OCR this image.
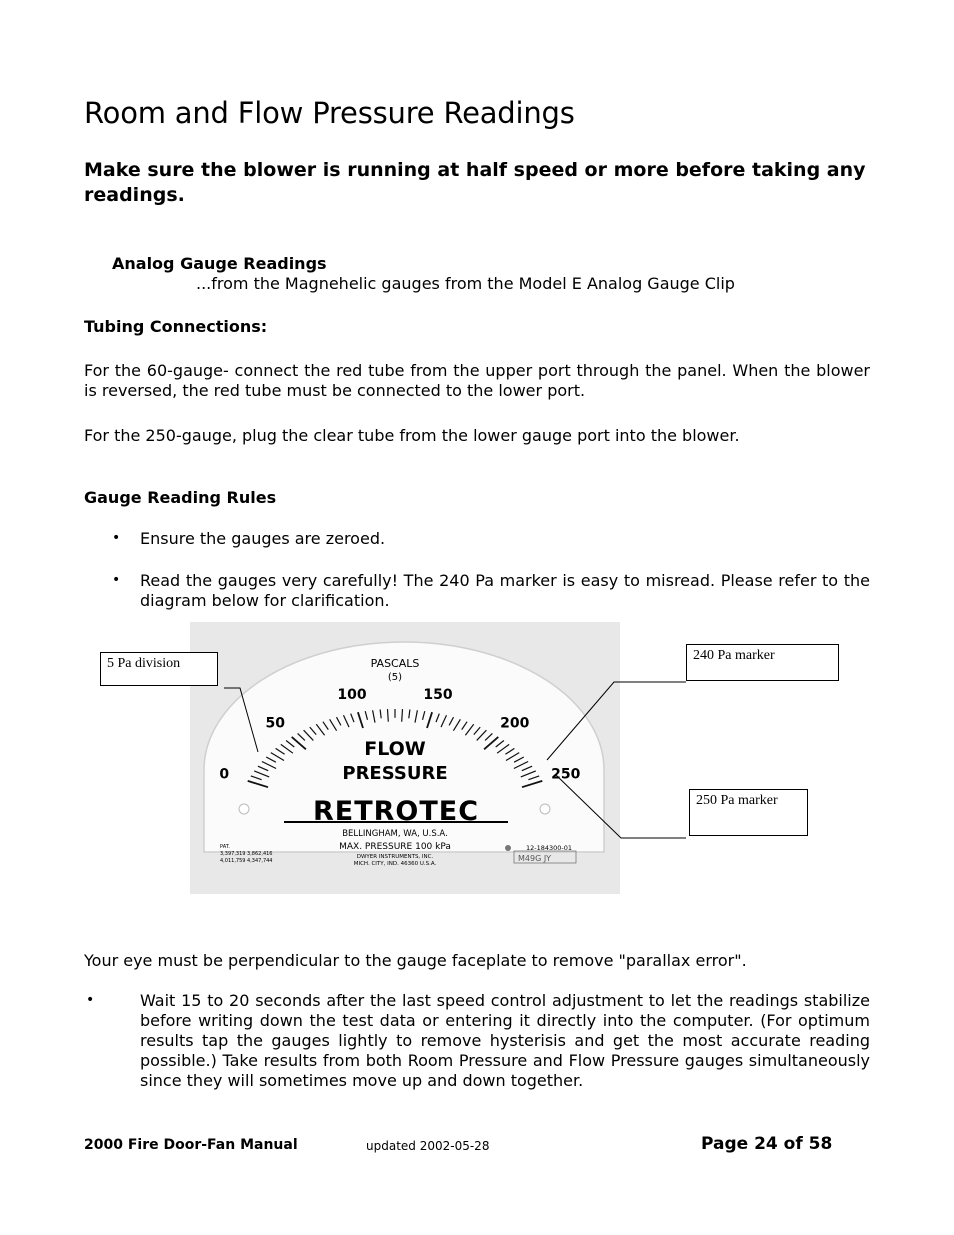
Room and Flow Pressure Readings

Make sure the blower is running at half speed or more before taking any readings.

Analog Gauge Readings
...from the Magnehelic gauges from the Model E Analog Gauge Clip
Tubing Connections:
For the 60-gauge- connect the red tube from the upper port through the panel. When the blower is reversed, the red tube must be connected to the lower port.
For the 250-gauge, plug the clear tube from the lower gauge port into the blower.
Gauge Reading Rules
• Ensure the gauges are zeroed.
• Read the gauges very carefully! The 240 Pa marker is easy to misread. Please refer to the diagram below for clarification.
0
50
100	150
200
250
PASCALS
(5)
FLOW
PRESSURE
RETROTEC
BELLINGHAM, WA, U.S.A.
MAX. PRESSURE 100 kPa
DWYER INSTRUMENTS, INC.
MICH. CITY, IND. 46360 U.S.A.
PAT.
3,397,319 3,862,416
4,011,759 4,347,744
12-184300-01
M49G JY
5 Pa division
240 Pa marker
250 Pa marker
Your eye must be perpendicular to the gauge faceplate to remove "parallax error".
•	Wait 15 to 20 seconds after the last speed control adjustment to let the readings stabilize before writing down the test data or entering it directly into the computer. (For optimum results tap the gauges lightly to remove hysterisis and get the most accurate reading possible.) Take results from both Room Pressure and Flow Pressure gauges simultaneously since they will sometimes move up and down together.
2000 Fire Door-Fan Manual	updated 2002-05-28	Page 24 of 58
